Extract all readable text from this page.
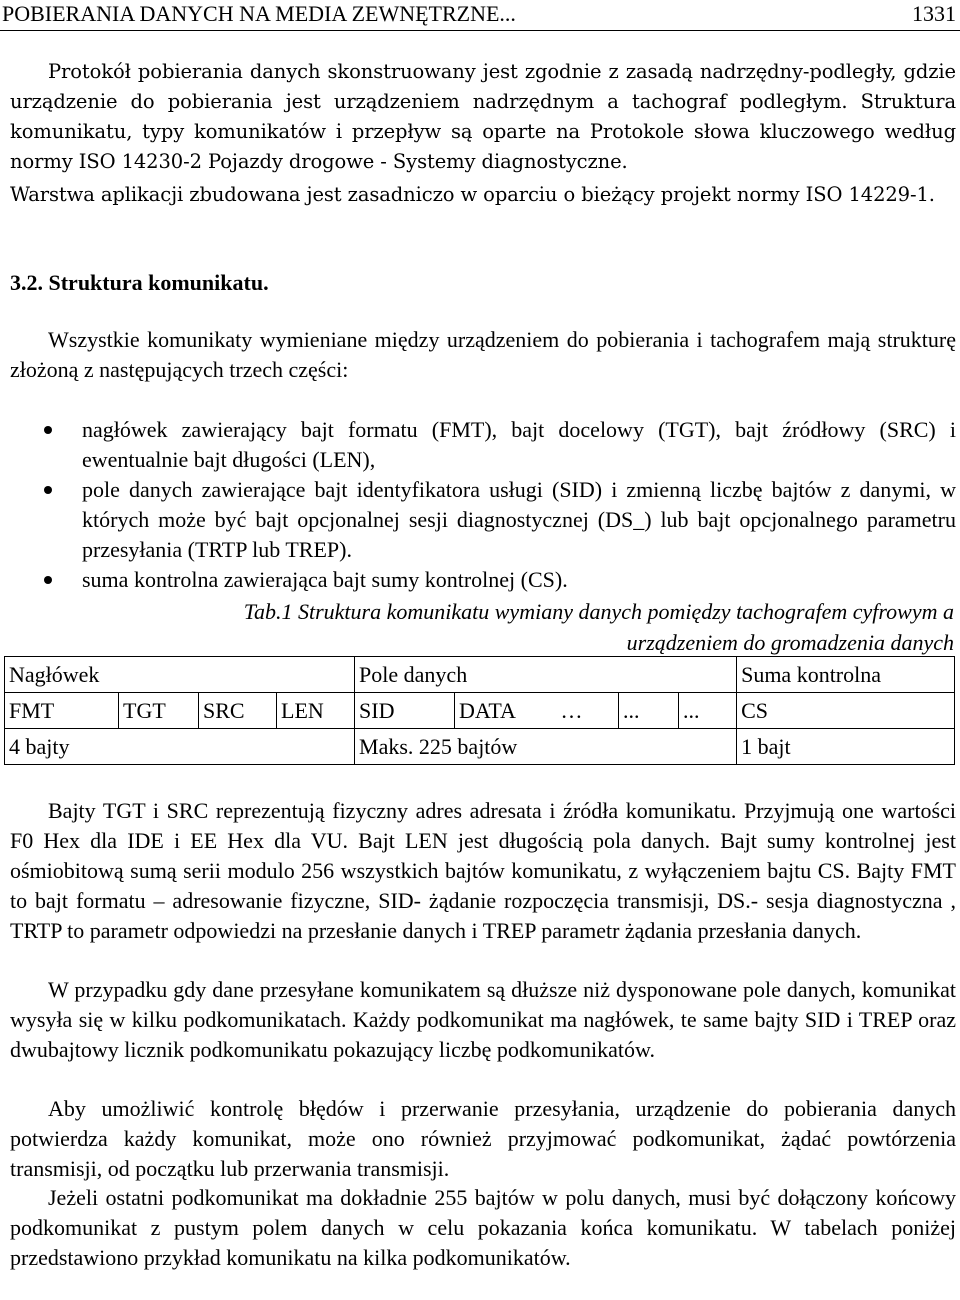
POBIERANIA DANYCH NA MEDIA ZEWNĘTRZNE...	1331
Protokół pobierania danych skonstruowany jest zgodnie z zasadą nadrzędny-podległy, gdzie urządzenie do pobierania jest urządzeniem nadrzędnym a tachograf podległym. Struktura komunikatu, typy komunikatów i przepływ są oparte na Protokole słowa kluczowego według normy ISO 14230-2 Pojazdy drogowe - Systemy diagnostyczne.
Warstwa aplikacji zbudowana jest zasadniczo w oparciu o bieżący projekt normy ISO 14229-1.
3.2. Struktura komunikatu.
Wszystkie komunikaty wymieniane między urządzeniem do pobierania i tachografem mają strukturę złożoną z następujących trzech części:
nagłówek zawierający bajt formatu (FMT), bajt docelowy (TGT), bajt źródłowy (SRC) i ewentualnie bajt długości (LEN),
pole danych zawierające bajt identyfikatora usługi (SID) i zmienną liczbę bajtów z danymi, w których może być bajt opcjonalnej sesji diagnostycznej (DS_) lub bajt opcjonalnego parametru przesyłania (TRTP lub TREP).
suma kontrolna zawierająca bajt sumy kontrolnej (CS).
Tab.1 Struktura komunikatu wymiany danych pomiędzy tachografem cyfrowym a
urządzeniem do gromadzenia danych
Nagłówek				Pole danych					Suma kontrolna
FMT	TGT	SRC	LEN	SID	DATA	…	...	...	CS
4 bajty				Maks. 225 bajtów					1 bajt
Bajty TGT i SRC reprezentują fizyczny adres adresata i źródła komunikatu. Przyjmują one wartości F0 Hex dla IDE i EE Hex dla VU. Bajt LEN jest długością pola danych. Bajt sumy kontrolnej jest ośmiobitową sumą serii modulo 256 wszystkich bajtów komunikatu, z wyłączeniem bajtu CS. Bajty FMT to bajt formatu – adresowanie fizyczne, SID- żądanie rozpoczęcia transmisji, DS.- sesja diagnostyczna , TRTP to parametr odpowiedzi na przesłanie danych i TREP parametr żądania przesłania danych.
W przypadku gdy dane przesyłane komunikatem są dłuższe niż dysponowane pole danych, komunikat wysyła się w kilku podkomunikatach. Każdy podkomunikat ma nagłówek, te same bajty SID i TREP oraz dwubajtowy licznik podkomunikatu pokazujący liczbę podkomunikatów.
Aby umożliwić kontrolę błędów i przerwanie przesyłania, urządzenie do pobierania danych potwierdza każdy komunikat, może ono również przyjmować podkomunikat, żądać powtórzenia transmisji, od początku lub przerwania transmisji.
Jeżeli ostatni podkomunikat ma dokładnie 255 bajtów w polu danych, musi być dołączony końcowy podkomunikat z pustym polem danych w celu pokazania końca komunikatu. W tabelach poniżej przedstawiono przykład komunikatu na kilka podkomunikatów.
